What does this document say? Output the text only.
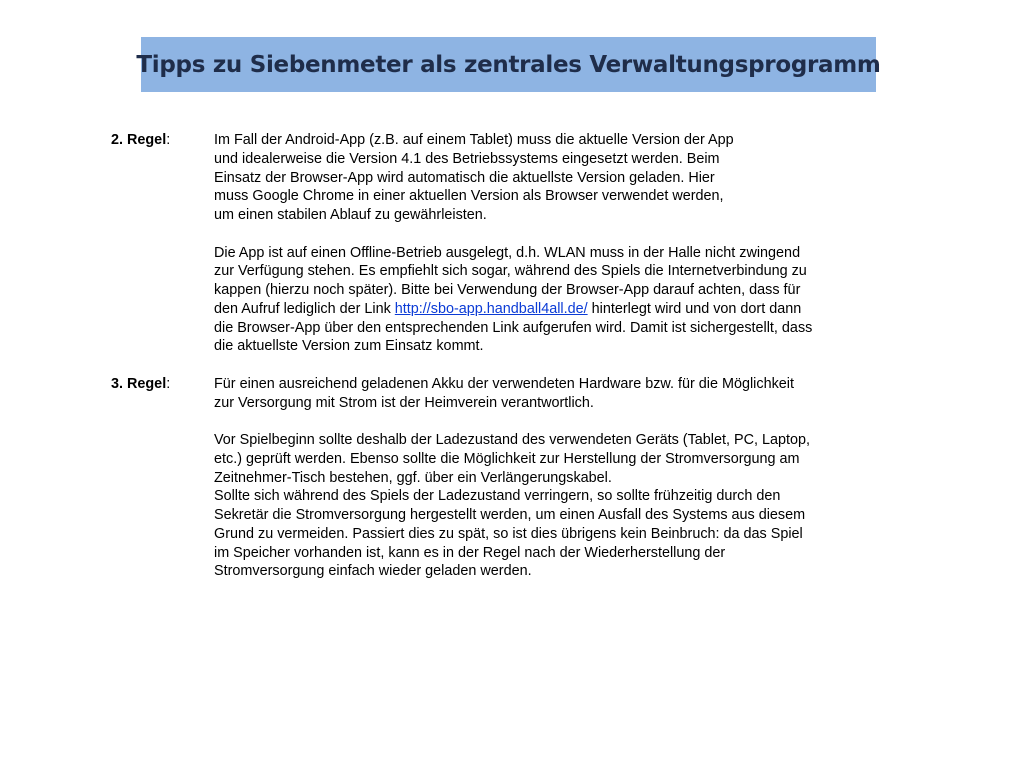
Tipps zu Siebenmeter als zentrales Verwaltungsprogramm
2. Regel:	Im Fall der Android-App (z.B. auf einem Tablet) muss die aktuelle Version der App
und idealerweise die Version 4.1 des Betriebssystems eingesetzt werden. Beim
Einsatz der Browser-App wird automatisch die aktuellste Version geladen. Hier
muss Google Chrome in einer aktuellen Version als Browser verwendet werden,
um einen stabilen Ablauf zu gewährleisten.
Die App ist auf einen Offline-Betrieb ausgelegt, d.h. WLAN muss in der Halle nicht zwingend
zur Verfügung stehen. Es empfiehlt sich sogar, während des Spiels die Internetverbindung zu
kappen (hierzu noch später). Bitte bei Verwendung der Browser-App darauf achten, dass für
den Aufruf lediglich der Link http://sbo-app.handball4all.de/ hinterlegt wird und von dort dann
die Browser-App über den entsprechenden Link aufgerufen wird. Damit ist sichergestellt, dass
die aktuellste Version zum Einsatz kommt.
3. Regel:	Für einen ausreichend geladenen Akku der verwendeten Hardware bzw. für die Möglichkeit
zur Versorgung mit Strom ist der Heimverein verantwortlich.
Vor Spielbeginn sollte deshalb der Ladezustand des verwendeten Geräts (Tablet, PC, Laptop,
etc.) geprüft werden. Ebenso sollte die Möglichkeit zur Herstellung der Stromversorgung am
Zeitnehmer-Tisch bestehen, ggf. über ein Verlängerungskabel.
Sollte sich während des Spiels der Ladezustand verringern, so sollte frühzeitig durch den
Sekretär die Stromversorgung hergestellt werden, um einen Ausfall des Systems aus diesem
Grund zu vermeiden. Passiert dies zu spät, so ist dies übrigens kein Beinbruch: da das Spiel
im Speicher vorhanden ist, kann es in der Regel nach der Wiederherstellung der
Stromversorgung einfach wieder geladen werden.
